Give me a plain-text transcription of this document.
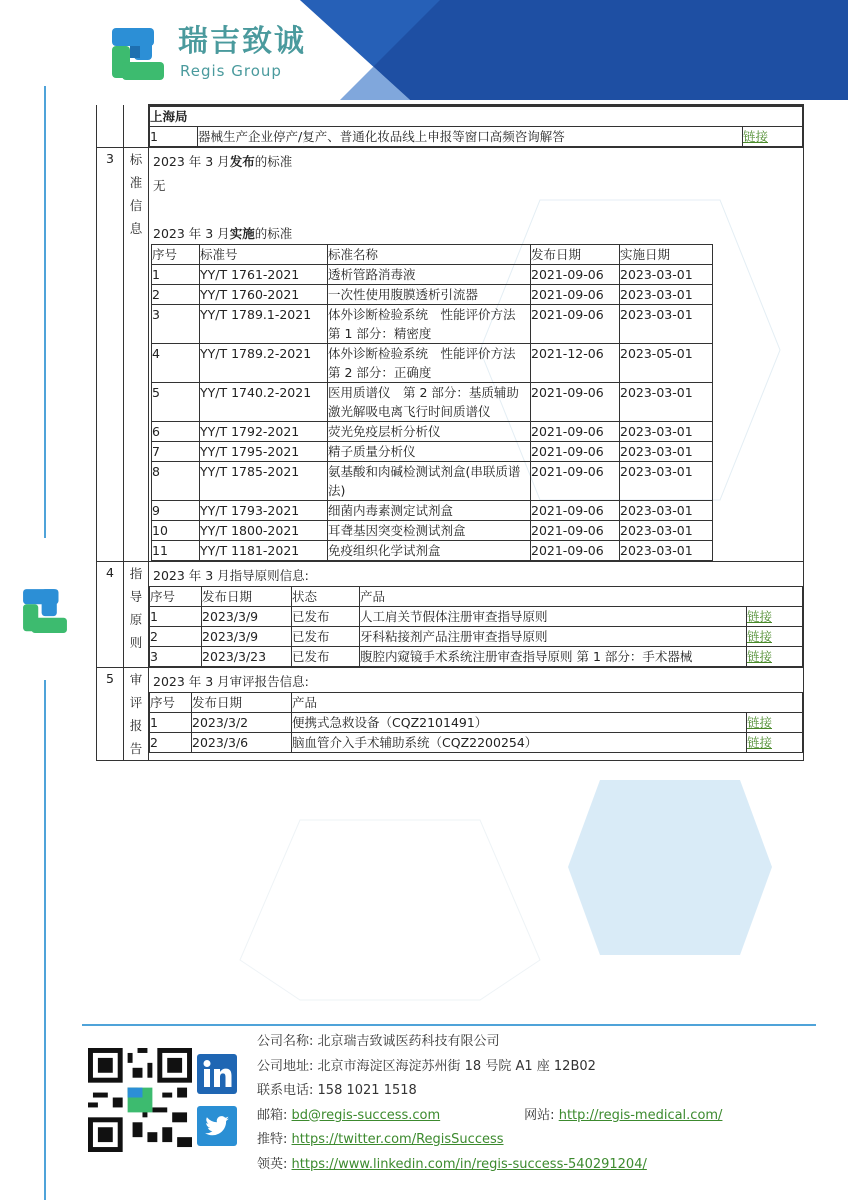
瑞吉致诚
Regis Group

上海局
1	器械生产企业停产/复产、普通化妆品线上申报等窗口高频咨询解答	链接

3	标
准
信
息

2023 年 3 月发布的标准
无
2023 年 3 月实施的标准
序号	标准号	标准名称	发布日期	实施日期
1	YY/T 1761-2021	透析管路消毒液	2021-09-06	2023-03-01
2	YY/T 1760-2021	一次性使用腹膜透析引流器	2021-09-06	2023-03-01
3	YY/T 1789.1-2021	体外诊断检验系统　性能评价方法　第 1 部分：精密度	2021-09-06	2023-03-01
4	YY/T 1789.2-2021	体外诊断检验系统　性能评价方法　第 2 部分：正确度	2021-12-06	2023-05-01
5	YY/T 1740.2-2021	医用质谱仪　第 2 部分：基质辅助激光解吸电离飞行时间质谱仪	2021-09-06	2023-03-01
6	YY/T 1792-2021	荧光免疫层析分析仪	2021-09-06	2023-03-01
7	YY/T 1795-2021	精子质量分析仪	2021-09-06	2023-03-01
8	YY/T 1785-2021	氨基酸和肉碱检测试剂盒(串联质谱法)	2021-09-06	2023-03-01
9	YY/T 1793-2021	细菌内毒素测定试剂盒	2021-09-06	2023-03-01
10	YY/T 1800-2021	耳聋基因突变检测试剂盒	2021-09-06	2023-03-01
11	YY/T 1181-2021	免疫组织化学试剂盒	2021-09-06	2023-03-01

4	指
导
原
则

2023 年 3 月指导原则信息:
序号	发布日期	状态	产品
1	2023/3/9	已发布	人工肩关节假体注册审查指导原则	链接
2	2023/3/9	已发布	牙科粘接剂产品注册审查指导原则	链接
3	2023/3/23	已发布	腹腔内窥镜手术系统注册审查指导原则 第 1 部分：手术器械	链接

5	审
评
报
告

2023 年 3 月审评报告信息:
序号	发布日期	产品
1	2023/3/2	便携式急救设备（CQZ2101491）	链接
2	2023/3/6	脑血管介入手术辅助系统（CQZ2200254）	链接
公司名称: 北京瑞吉致诚医药科技有限公司
公司地址: 北京市海淀区海淀苏州街 18 号院 A1 座 12B02
联系电话: 158 1021 1518
邮箱: bd@regis-success.com	网站: http://regis-medical.com/
推特: https://twitter.com/RegisSuccess
领英: https://www.linkedin.com/in/regis-success-540291204/
